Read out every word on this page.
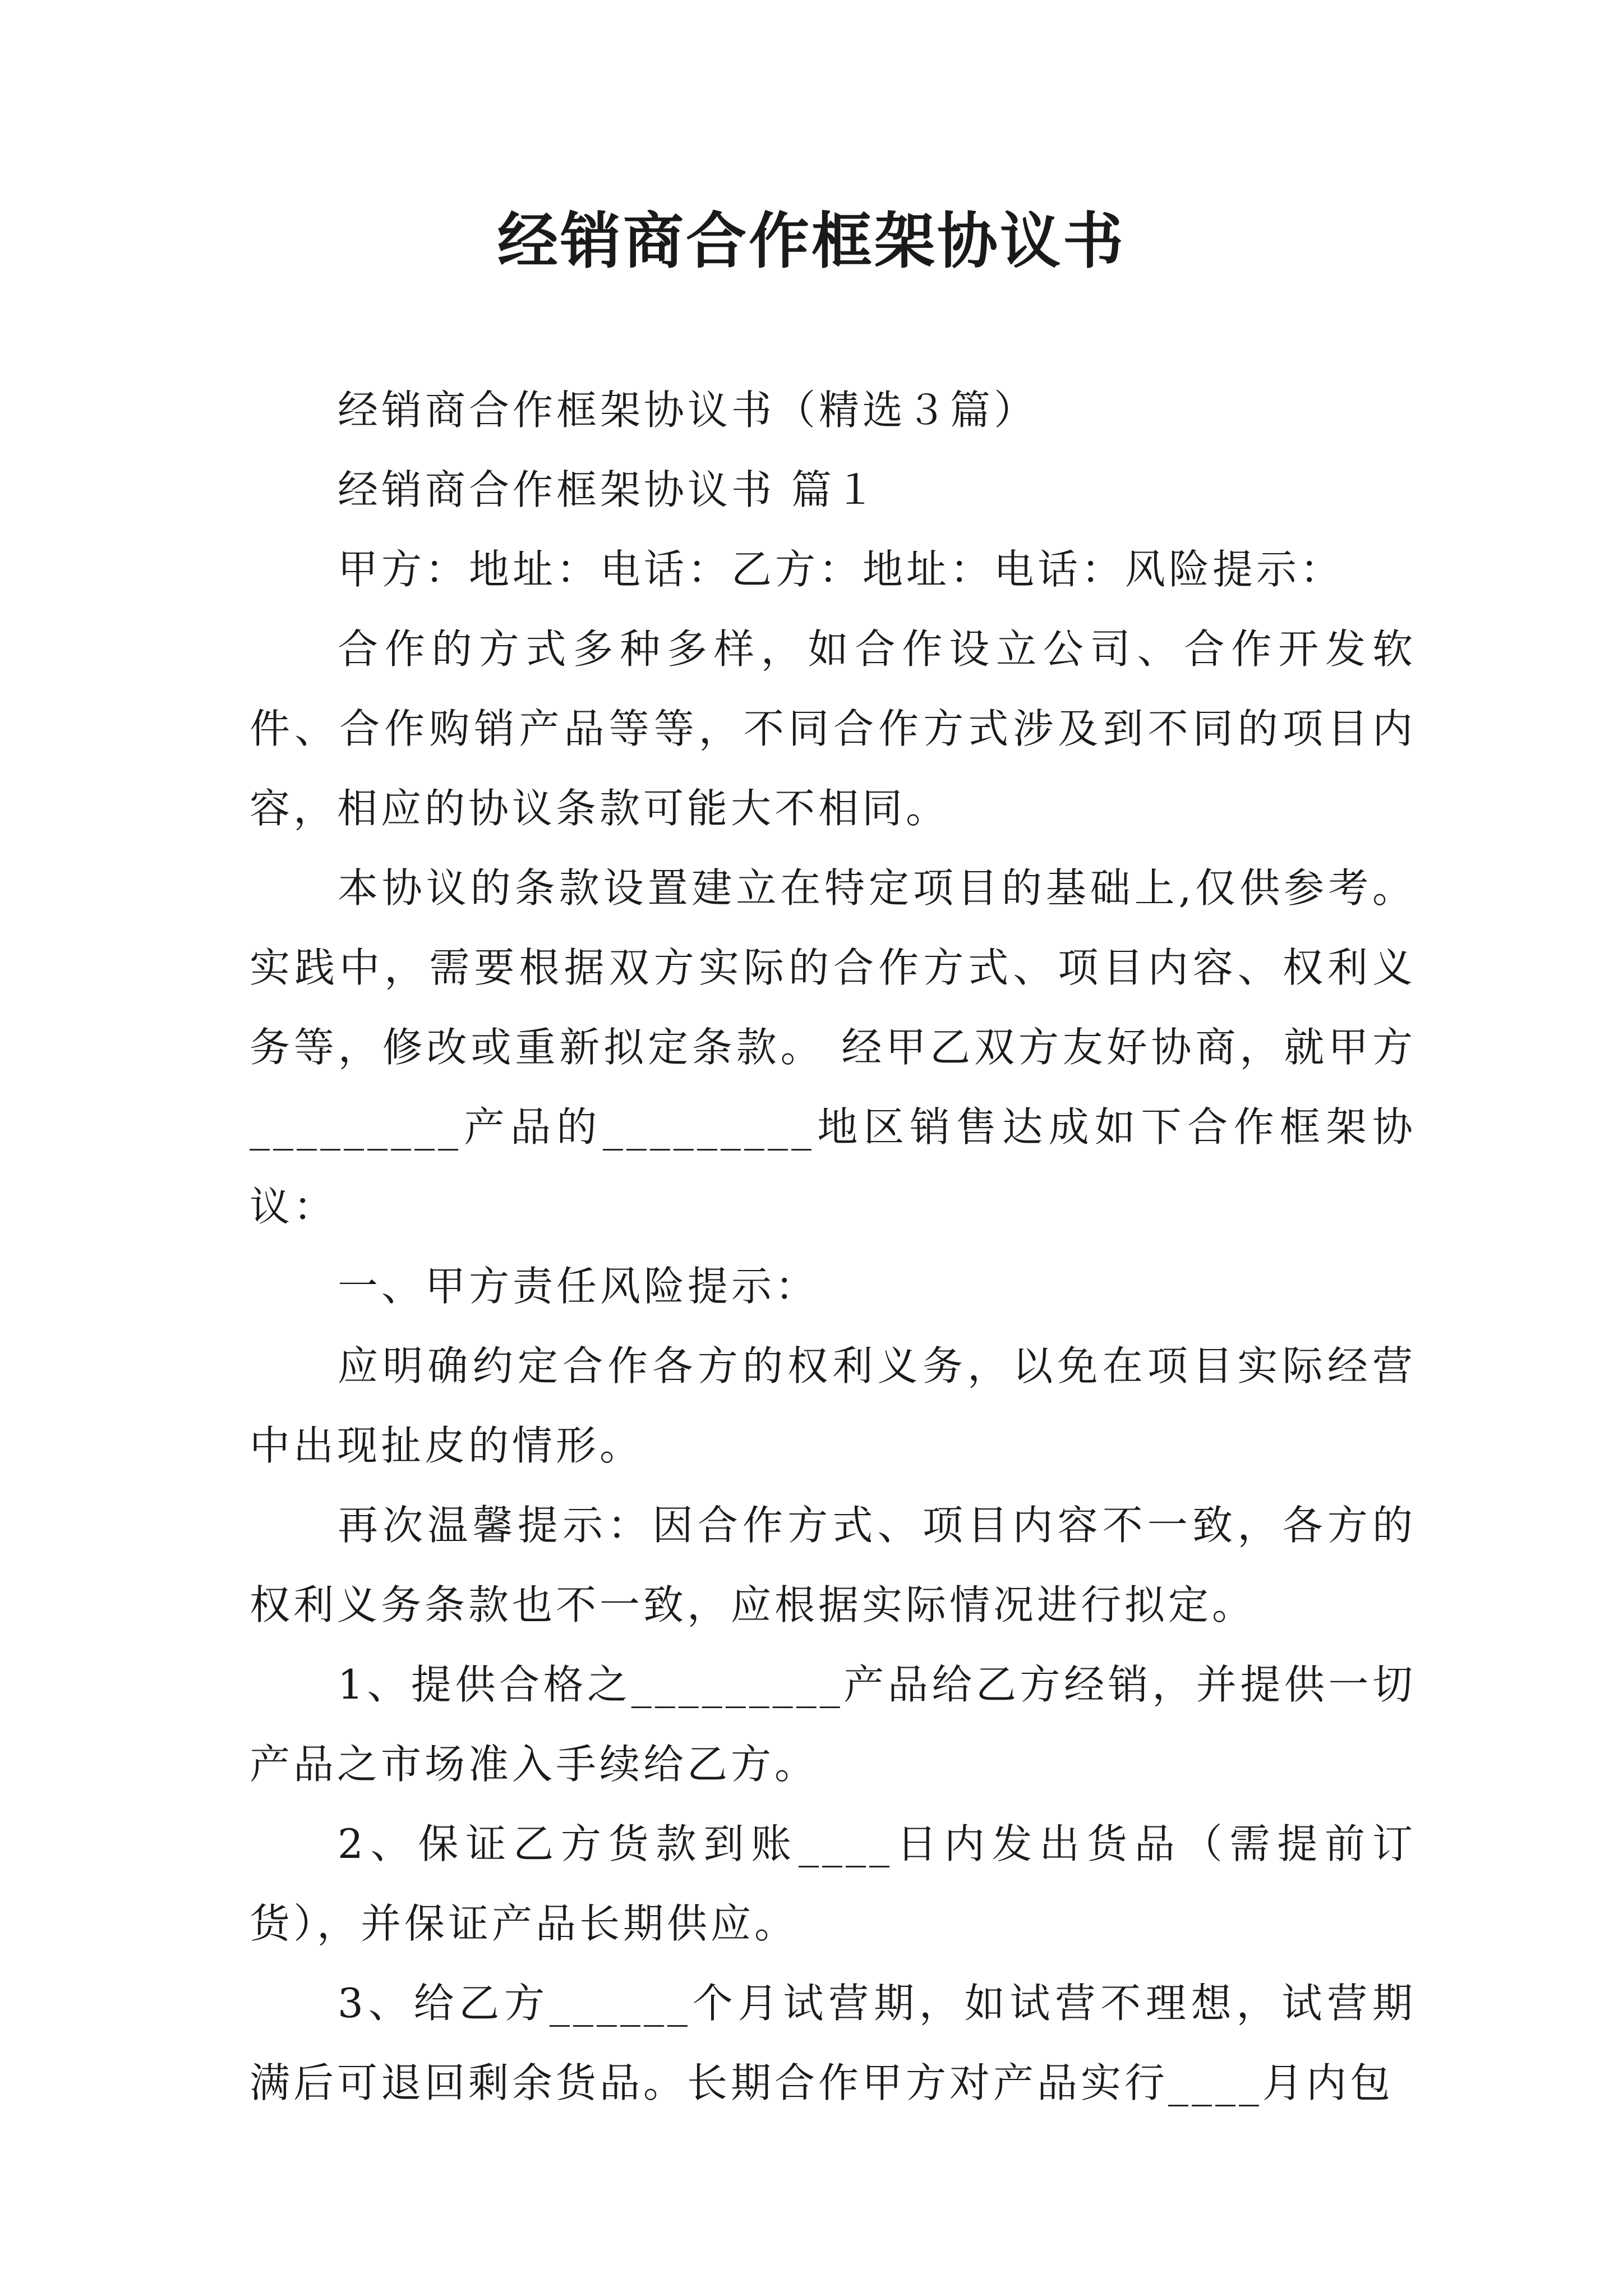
经销商合作框架协议书

经销商合作框架协议书（精选３篇）

经销商合作框架协议书 篇１

甲方：地址：电话：乙方：地址：电话：风险提示：

合作的方式多种多样，如合作设立公司、合作开发软件、合作购销产品等等，不同合作方式涉及到不同的项目内容，相应的协议条款可能大不相同。

本协议的条款设置建立在特定项目的基础上,仅供参考。实践中，需要根据双方实际的合作方式、项目内容、权利义务等，修改或重新拟定条款。 经甲乙双方友好协商，就甲方_________产品的_________地区销售达成如下合作框架协议：

一、甲方责任风险提示：

应明确约定合作各方的权利义务，以免在项目实际经营中出现扯皮的情形。

再次温馨提示：因合作方式、项目内容不一致，各方的权利义务条款也不一致，应根据实际情况进行拟定。

1、提供合格之_________产品给乙方经销，并提供一切产品之市场准入手续给乙方。

2、保证乙方货款到账____日内发出货品（需提前订货），并保证产品长期供应。

3、给乙方______个月试营期，如试营不理想，试营期满后可退回剩余货品。长期合作甲方对产品实行____月内包
